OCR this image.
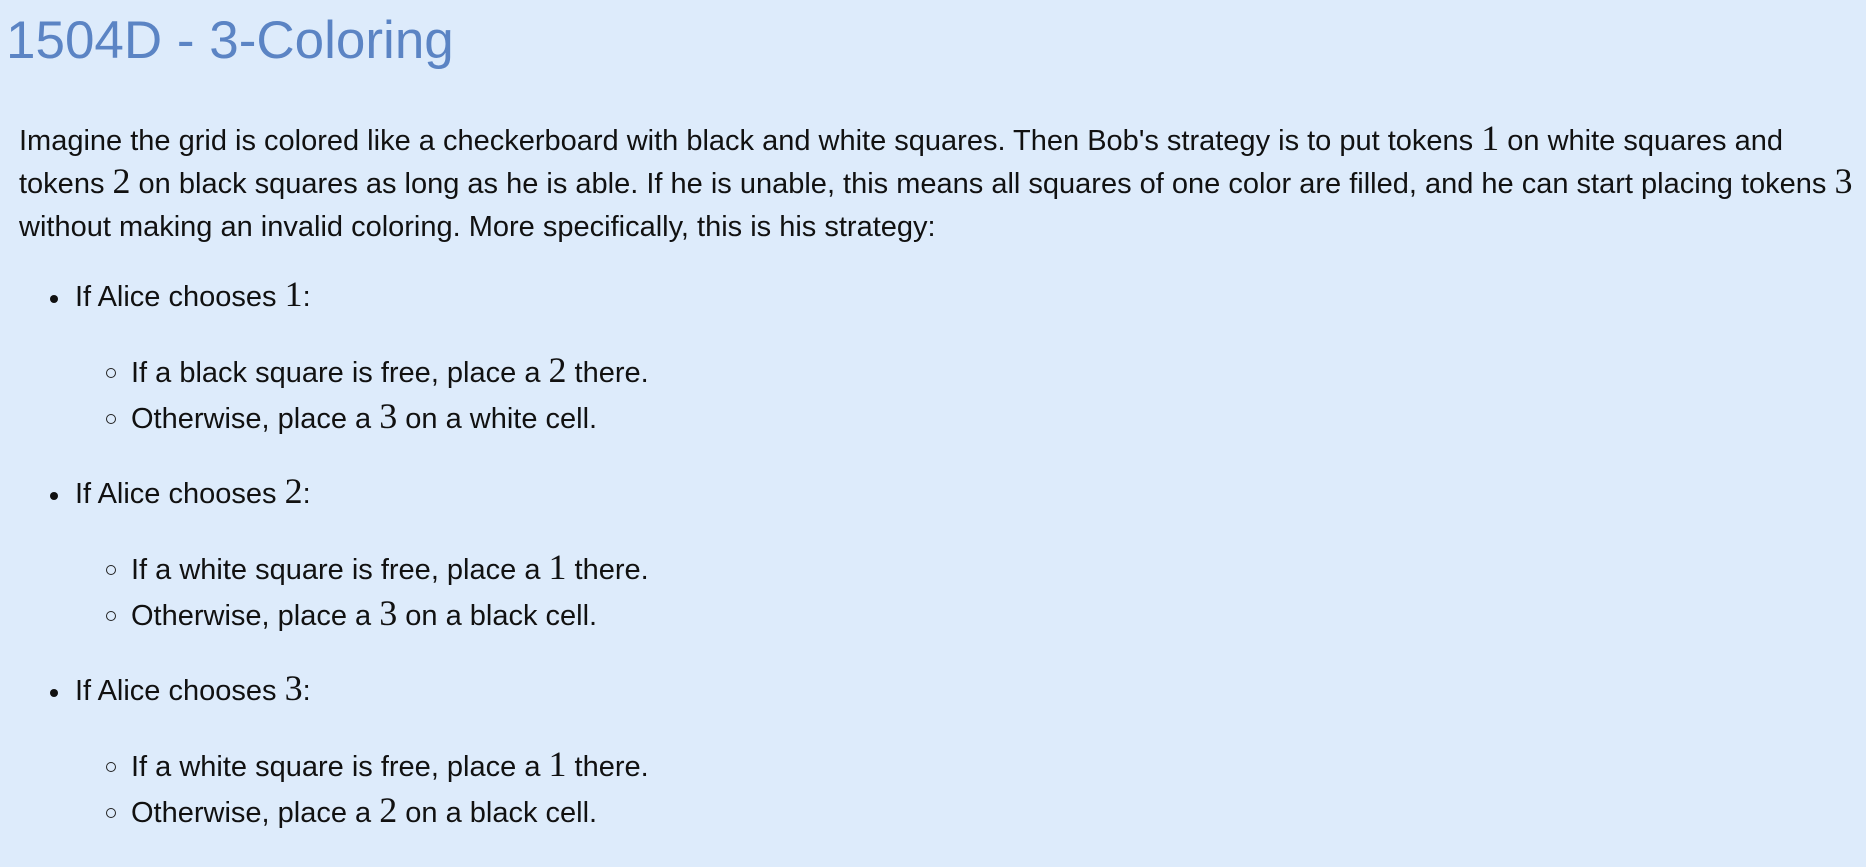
1504D - 3-Coloring

Imagine the grid is colored like a checkerboard with black and white squares. Then Bob's strategy is to put tokens 1 on white squares and tokens 2 on black squares as long as he is able. If he is unable, this means all squares of one color are filled, and he can start placing tokens 3 without making an invalid coloring. More specifically, this is his strategy:

If Alice chooses 1:
If a black square is free, place a 2 there.
Otherwise, place a 3 on a white cell.
If Alice chooses 2:
If a white square is free, place a 1 there.
Otherwise, place a 3 on a black cell.
If Alice chooses 3:
If a white square is free, place a 1 there.
Otherwise, place a 2 on a black cell.
